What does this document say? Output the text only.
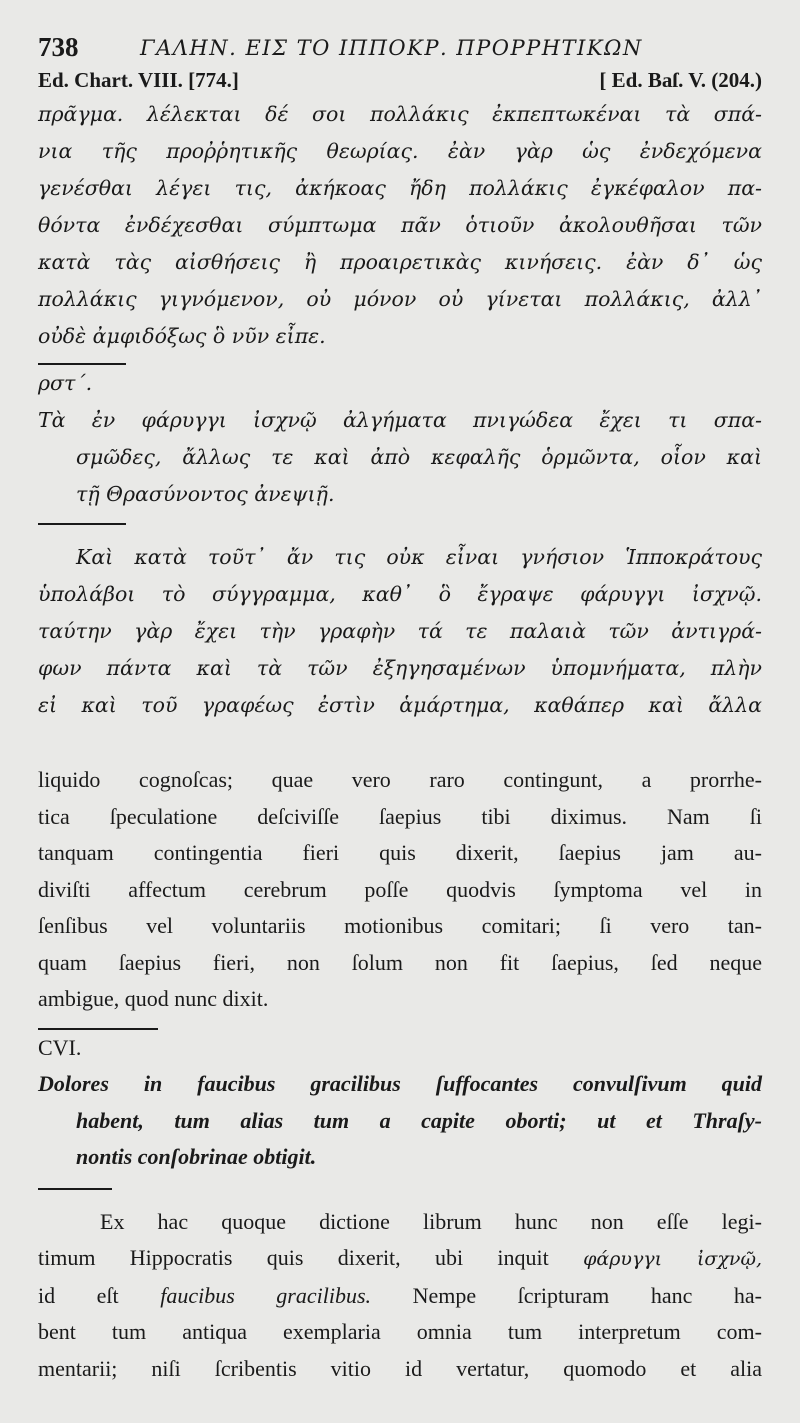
738	ΓΑΛΗΝ. ΕΙΣ ΤΟ ΙΠΠΟΚΡ. ΠΡΟΡΡΗΤΙΚΩΝ
Ed. Chart. VIII. [774.]	[ Ed. Baſ. V. (204.)
πρᾶγμα. λέλεκται δέ σοι πολλάκις ἐκπεπτωκέναι τὰ σπά-
νια τῆς προῤῥητικῆς θεωρίας. ἐὰν γὰρ ὡς ἐνδεχόμενα
γενέσθαι λέγει τις, ἀκήκοας ἤδη πολλάκις ἐγκέφαλον πα-
θόντα ἐνδέχεσθαι σύμπτωμα πᾶν ὁτιοῦν ἀκολουθῆσαι τῶν
κατὰ τὰς αἰσθήσεις ἢ προαιρετικὰς κινήσεις. ἐὰν δ᾽ ὡς
πολλάκις γιγνόμενον, οὐ μόνον οὐ γίνεται πολλάκις, ἀλλ᾽
οὐδὲ ἀμφιδόξως ὃ νῦν εἶπε.
ρστ΄.
Τὰ ἐν φάρυγγι ἰσχνῷ ἀλγήματα πνιγώδεα ἔχει τι σπα-
σμῶδες, ἄλλως τε καὶ ἀπὸ κεφαλῆς ὁρμῶντα, οἷον καὶ
τῇ Θρασύνοντος ἀνεψιῇ.
Καὶ κατὰ τοῦτ᾽ ἄν τις οὐκ εἶναι γνήσιον Ἱπποκράτους
ὑπολάβοι τὸ σύγγραμμα, καθ᾽ ὃ ἔγραψε φάρυγγι ἰσχνῷ.
ταύτην γὰρ ἔχει τὴν γραφὴν τά τε παλαιὰ τῶν ἀντιγρά-
φων πάντα καὶ τὰ τῶν ἐξηγησαμένων ὑπομνήματα, πλὴν
εἰ καὶ τοῦ γραφέως ἐστὶν ἁμάρτημα, καθάπερ καὶ ἄλλα
liquido cognoſcas; quae vero raro contingunt, a prorrhe-
tica ſpeculatione deſciviſſe ſaepius tibi diximus. Nam ſi
tanquam contingentia fieri quis dixerit, ſaepius jam au-
diviſti affectum cerebrum poſſe quodvis ſymptoma vel in
ſenſibus vel voluntariis motionibus comitari; ſi vero tan-
quam ſaepius fieri, non ſolum non fit ſaepius, ſed neque
ambigue, quod nunc dixit.
CVI.
Dolores in faucibus gracilibus ſuffocantes convulſivum quid
habent, tum alias tum a capite oborti; ut et Thraſy-
nontis conſobrinae obtigit.
Ex hac quoque dictione librum hunc non eſſe legi-
timum Hippocratis quis dixerit, ubi inquit φάρυγγι ἰσχνῷ,
id eſt faucibus gracilibus. Nempe ſcripturam hanc ha-
bent tum antiqua exemplaria omnia tum interpretum com-
mentarii; niſi ſcribentis vitio id vertatur, quomodo et alia
